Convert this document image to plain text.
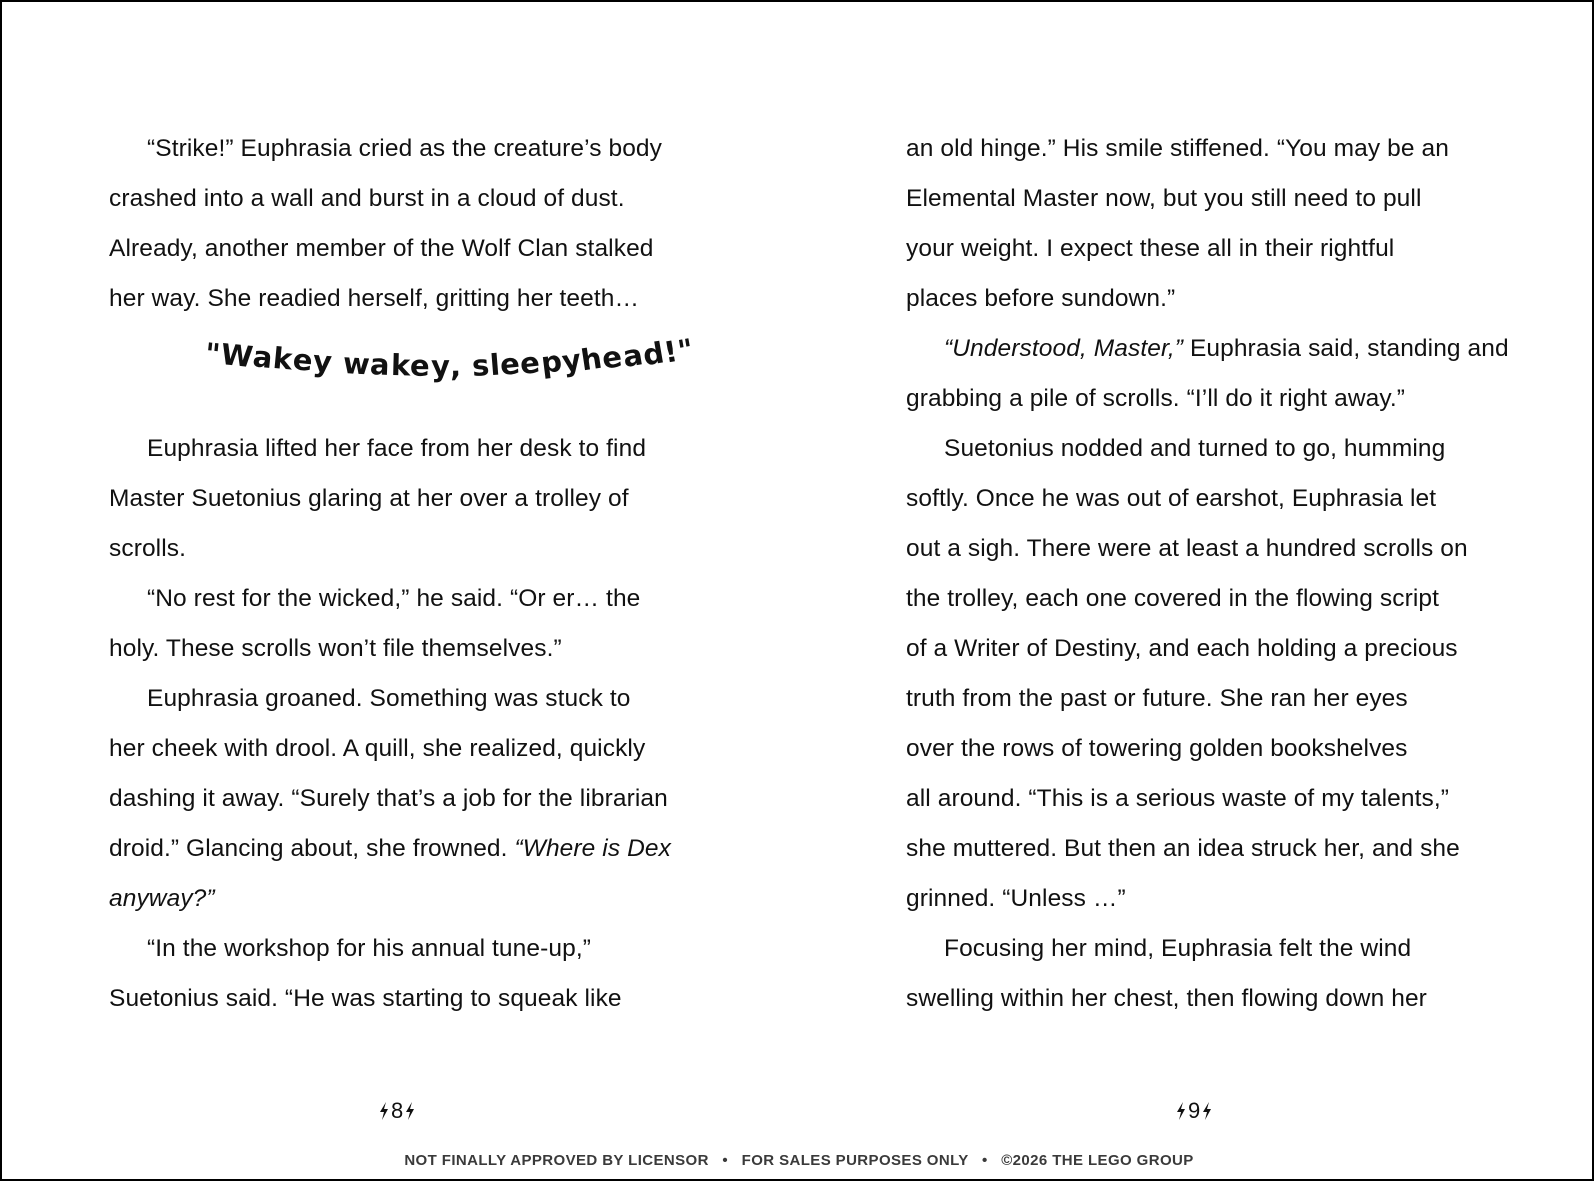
“Strike!” Euphrasia cried as the creature’s body
crashed into a wall and burst in a cloud of dust.
Already, another member of the Wolf Clan stalked
her way. She readied herself, gritting her teeth…
"Wakey wakey, sleepyhead!"
Euphrasia lifted her face from her desk to find
Master Suetonius glaring at her over a trolley of
scrolls.
“No rest for the wicked,” he said. “Or er… the
holy. These scrolls won’t file themselves.”
Euphrasia groaned. Something was stuck to
her cheek with drool. A quill, she realized, quickly
dashing it away. “Surely that’s a job for the librarian
droid.” Glancing about, she frowned. “Where is Dex
anyway?”
“In the workshop for his annual tune-up,”
Suetonius said. “He was starting to squeak like
8
an old hinge.” His smile stiffened. “You may be an
Elemental Master now, but you still need to pull
your weight. I expect these all in their rightful
places before sundown.”
“Understood, Master,” Euphrasia said, standing and
grabbing a pile of scrolls. “I’ll do it right away.”
Suetonius nodded and turned to go, humming
softly. Once he was out of earshot, Euphrasia let
out a sigh. There were at least a hundred scrolls on
the trolley, each one covered in the flowing script
of a Writer of Destiny, and each holding a precious
truth from the past or future. She ran her eyes
over the rows of towering golden bookshelves
all around. “This is a serious waste of my talents,”
she muttered. But then an idea struck her, and she
grinned. “Unless …”
Focusing her mind, Euphrasia felt the wind
swelling within her chest, then flowing down her
9
NOT FINALLY APPROVED BY LICENSOR • FOR SALES PURPOSES ONLY • ©2026 THE LEGO GROUP
